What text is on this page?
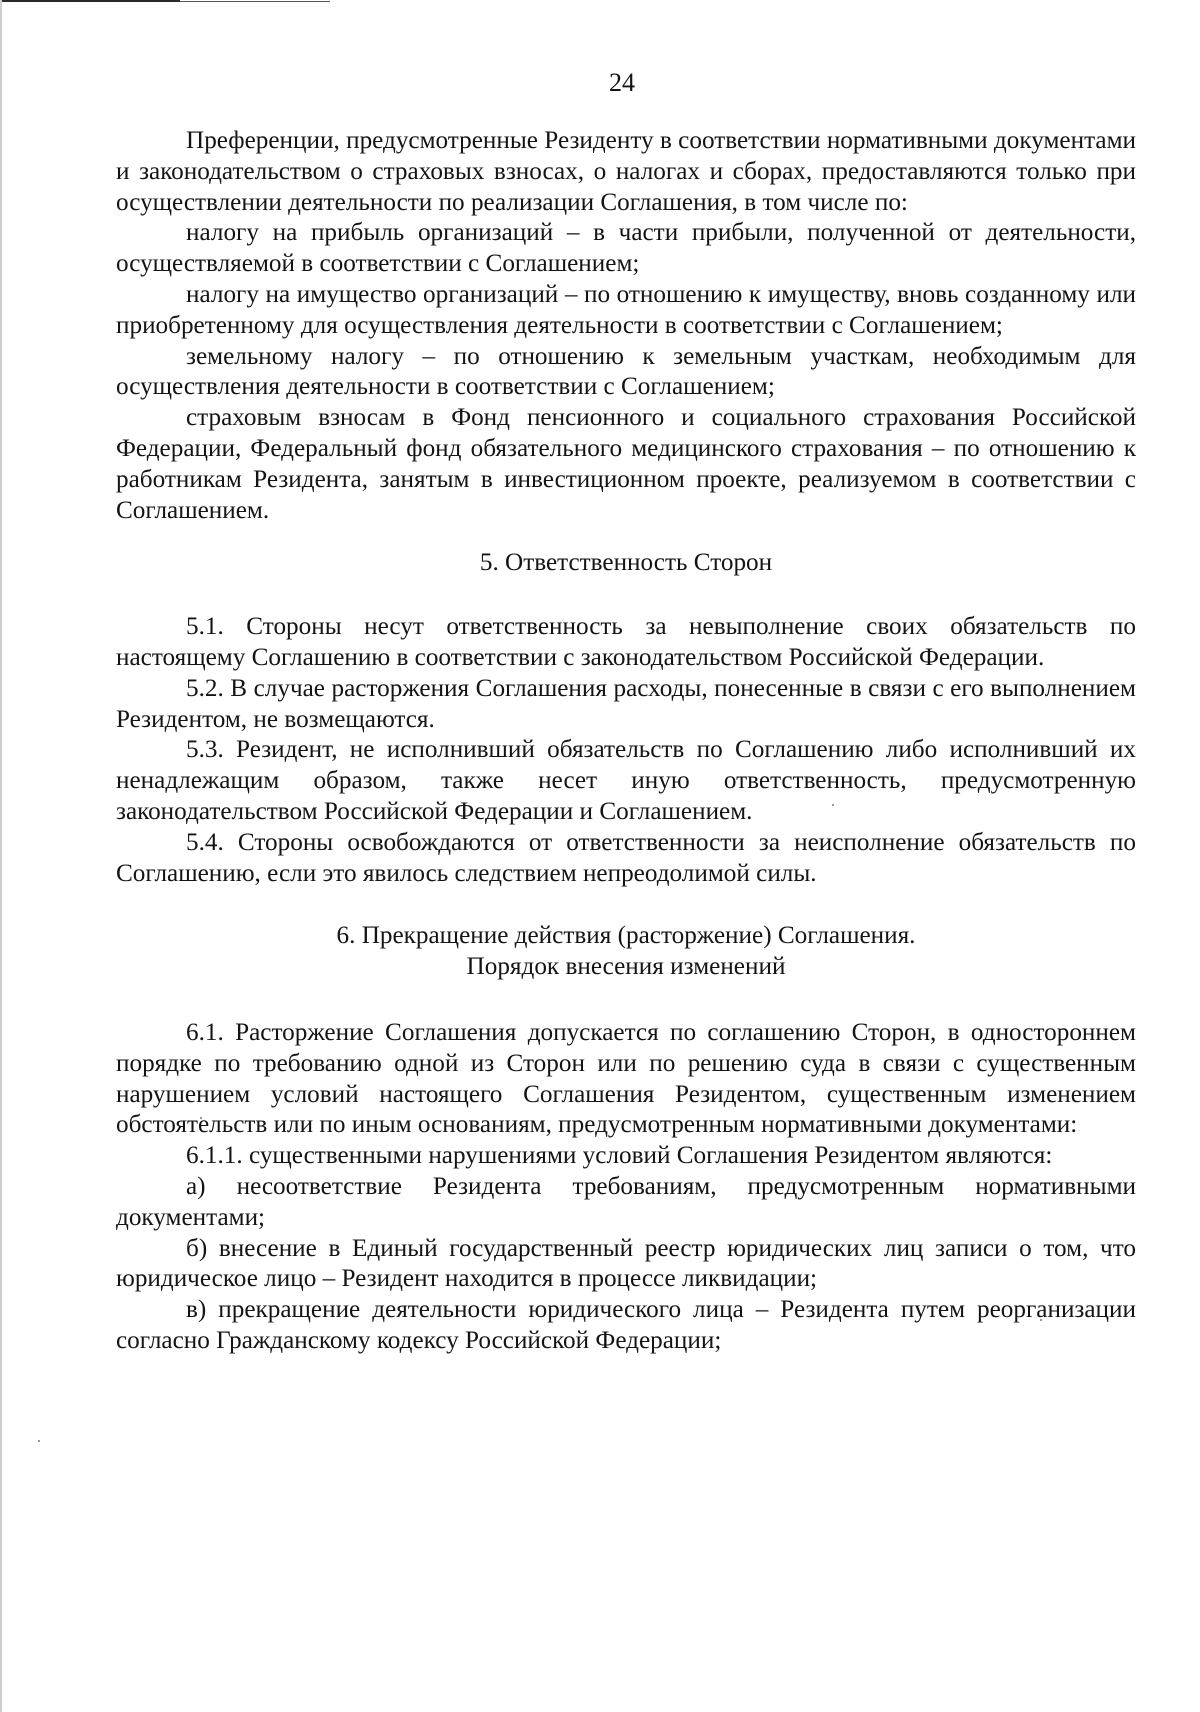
24

Преференции, предусмотренные Резиденту в соответствии нормативными документами и законодательством о страховых взносах, о налогах и сборах, предоставляются только при осуществлении деятельности по реализации Соглашения, в том числе по:

налогу на прибыль организаций – в части прибыли, полученной от деятельности, осуществляемой в соответствии с Соглашением;

налогу на имущество организаций – по отношению к имуществу, вновь созданному или приобретенному для осуществления деятельности в соответствии с Соглашением;

земельному налогу – по отношению к земельным участкам, необходимым для осуществления деятельности в соответствии с Соглашением;

страховым взносам в Фонд пенсионного и социального страхования Российской Федерации, Федеральный фонд обязательного медицинского страхования – по отношению к работникам Резидента, занятым в инвестиционном проекте, реализуемом в соответствии с Соглашением.

5. Ответственность Сторон

5.1. Стороны несут ответственность за невыполнение своих обязательств по настоящему Соглашению в соответствии с законодательством Российской Федерации.

5.2. В случае расторжения Соглашения расходы, понесенные в связи с его выполнением Резидентом, не возмещаются.

5.3. Резидент, не исполнивший обязательств по Соглашению либо исполнивший их ненадлежащим образом, также несет иную ответственность, предусмотренную законодательством Российской Федерации и Соглашением.

5.4. Стороны освобождаются от ответственности за неисполнение обязательств по Соглашению, если это явилось следствием непреодолимой силы.

6. Прекращение действия (расторжение) Соглашения.
Порядок внесения изменений

6.1. Расторжение Соглашения допускается по соглашению Сторон, в одностороннем порядке по требованию одной из Сторон или по решению суда в связи с существенным нарушением условий настоящего Соглашения Резидентом, существенным изменением обстоятельств или по иным основаниям, предусмотренным нормативными документами:

6.1.1. существенными нарушениями условий Соглашения Резидентом являются:

а) несоответствие Резидента требованиям, предусмотренным нормативными документами;

б) внесение в Единый государственный реестр юридических лиц записи о том, что юридическое лицо – Резидент находится в процессе ликвидации;

в) прекращение деятельности юридического лица – Резидента путем реорганизации согласно Гражданскому кодексу Российской Федерации;
